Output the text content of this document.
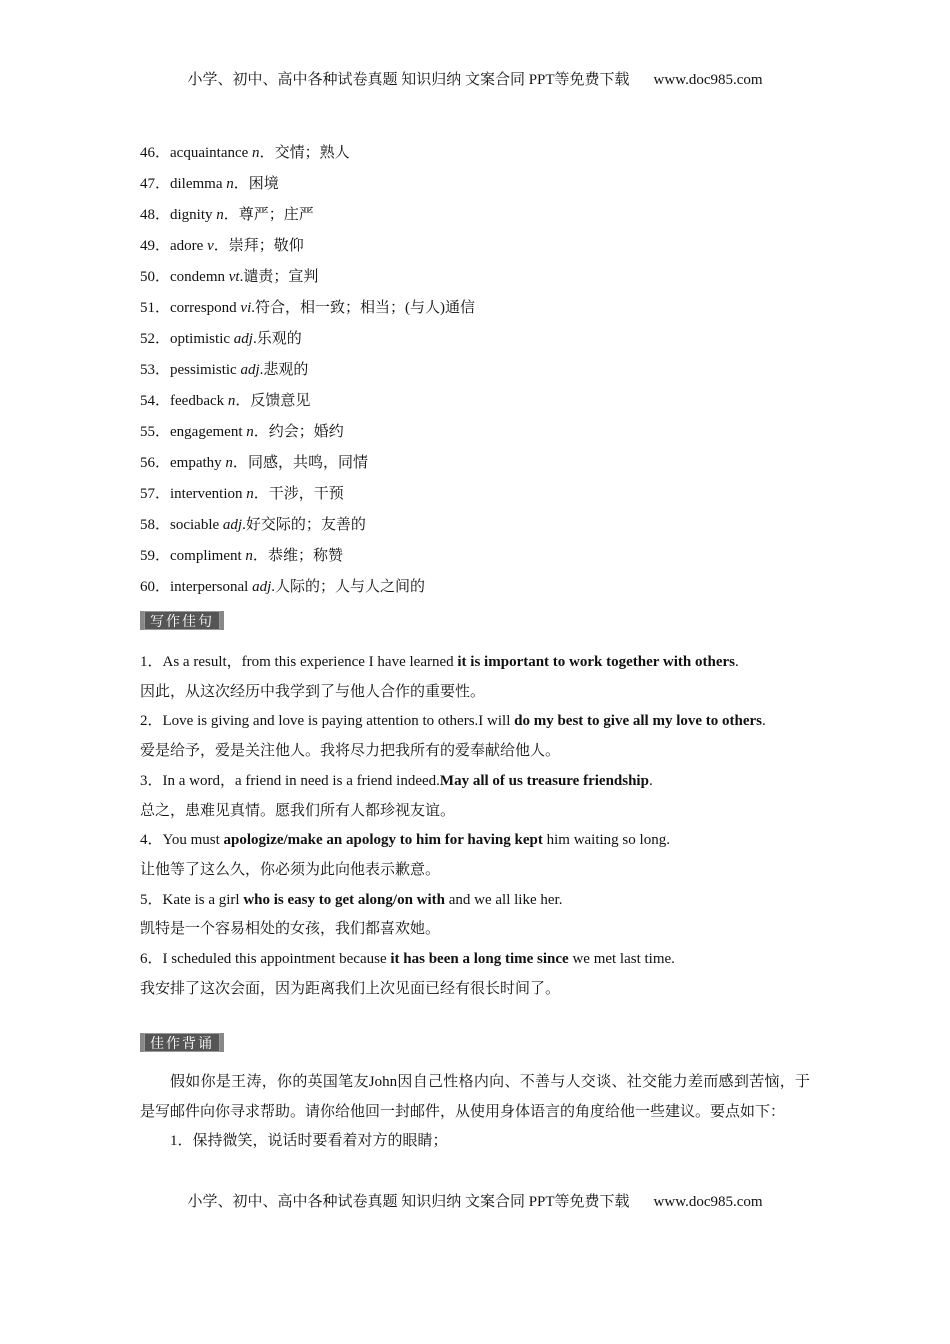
小学、初中、高中各种试卷真题 知识归纳 文案合同 PPT等免费下载 www.doc985.com
46．acquaintance n．交情；熟人
47．dilemma n．困境
48．dignity n．尊严；庄严
49．adore v．崇拜；敬仰
50．condemn vt.谴责；宣判
51．correspond vi.符合，相一致；相当；(与人)通信
52．optimistic adj.乐观的
53．pessimistic adj.悲观的
54．feedback n．反馈意见
55．engagement n．约会；婚约
56．empathy n．同感，共鸣，同情
57．intervention n．干涉，干预
58．sociable adj.好交际的；友善的
59．compliment n．恭维；称赞
60．interpersonal adj.人际的；人与人之间的
写作佳句
1．As a result，from this experience I have learned it is important to work together with others.
因此，从这次经历中我学到了与他人合作的重要性。
2．Love is giving and love is paying attention to others.I will do my best to give all my love to others.
爱是给予，爱是关注他人。我将尽力把我所有的爱奉献给他人。
3．In a word，a friend in need is a friend indeed.May all of us treasure friendship.
总之，患难见真情。愿我们所有人都珍视友谊。
4．You must apologize/make an apology to him for having kept him waiting so long.
让他等了这么久，你必须为此向他表示歉意。
5．Kate is a girl who is easy to get along/on with and we all like her.
凯特是一个容易相处的女孩，我们都喜欢她。
6．I scheduled this appointment because it has been a long time since we met last time.
我安排了这次会面，因为距离我们上次见面已经有很长时间了。
佳作背诵
假如你是王涛，你的英国笔友John因自己性格内向、不善与人交谈、社交能力差而感到苦恼，于是写邮件向你寻求帮助。请你给他回一封邮件，从使用身体语言的角度给他一些建议。要点如下：
1．保持微笑，说话时要看着对方的眼睛；
小学、初中、高中各种试卷真题 知识归纳 文案合同 PPT等免费下载 www.doc985.com
